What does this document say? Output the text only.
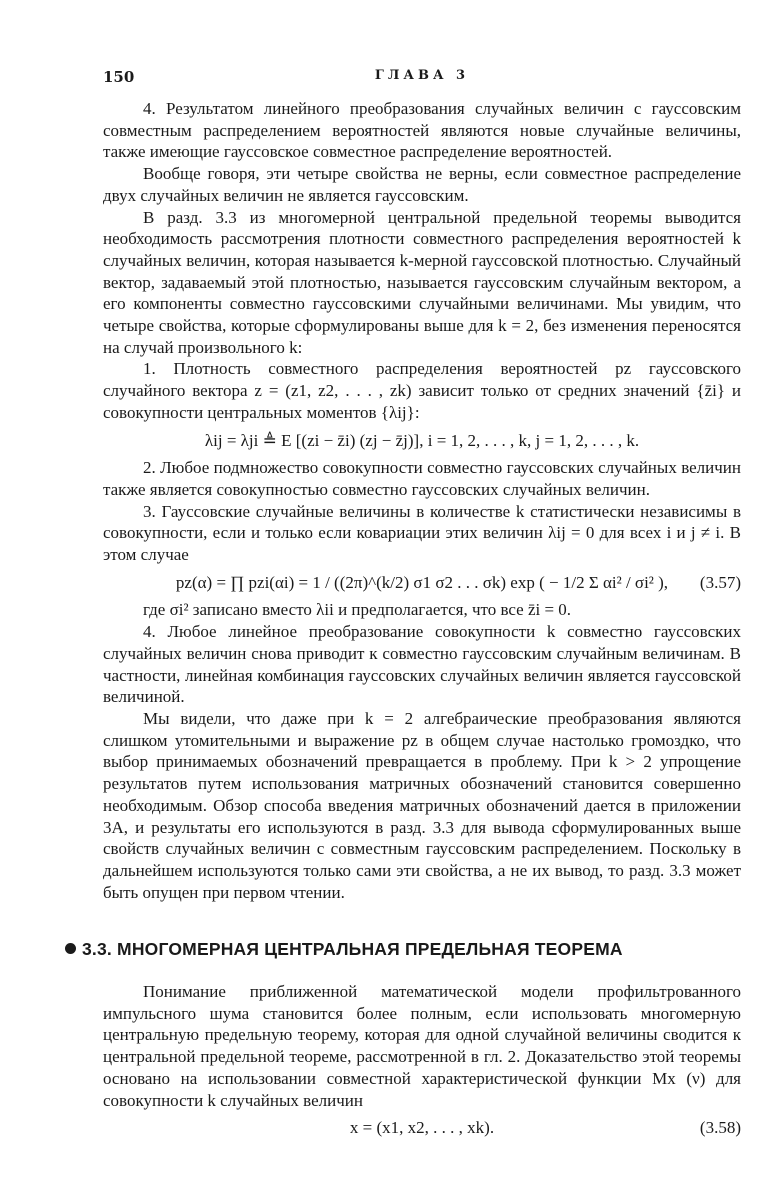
150	ГЛАВА 3

4. Результатом линейного преобразования случайных величин с гауссовским совместным распределением вероятностей являются новые случайные величины, также имеющие гауссовское совместное распределение вероятностей.

Вообще говоря, эти четыре свойства не верны, если совместное распределение двух случайных величин не является гауссовским.

В разд. 3.3 из многомерной центральной предельной теоремы выводится необходимость рассмотрения плотности совместного распределения вероятностей k случайных величин, которая называется k-мерной гауссовской плотностью. Случайный вектор, задаваемый этой плотностью, называется гауссовским случайным вектором, а его компоненты совместно гауссовскими случайными величинами. Мы увидим, что четыре свойства, которые сформулированы выше для k = 2, без изменения переносятся на случай произвольного k:

1. Плотность совместного распределения вероятностей pz гауссовского случайного вектора z = (z1, z2, . . . , zk) зависит только от средних значений {z̄i} и совокупности центральных моментов {λij}:

λij = λji ≜ E [(zi − z̄i) (zj − z̄j)], i = 1, 2, . . . , k, j = 1, 2, . . . , k.

2. Любое подмножество совокупности совместно гауссовских случайных величин также является совокупностью совместно гауссовских случайных величин.

3. Гауссовские случайные величины в количестве k статистически независимы в совокупности, если и только если ковариации этих величин λij = 0 для всех i и j ≠ i. В этом случае

pz(α) = ∏ pzi(αi) = 1 / ((2π)^(k/2) σ1 σ2 . . . σk) exp ( − 1/2 Σ αi² / σi² ), (3.57)

где σi² записано вместо λii и предполагается, что все z̄i = 0.

4. Любое линейное преобразование совокупности k совместно гауссовских случайных величин снова приводит к совместно гауссовским случайным величинам. В частности, линейная комбинация гауссовских случайных величин является гауссовской величиной.

Мы видели, что даже при k = 2 алгебраические преобразования являются слишком утомительными и выражение pz в общем случае настолько громоздко, что выбор принимаемых обозначений превращается в проблему. При k > 2 упрощение результатов путем использования матричных обозначений становится совершенно необходимым. Обзор способа введения матричных обозначений дается в приложении 3А, и результаты его используются в разд. 3.3 для вывода сформулированных выше свойств случайных величин с совместным гауссовским распределением. Поскольку в дальнейшем используются только сами эти свойства, а не их вывод, то разд. 3.3 может быть опущен при первом чтении.

3.3. МНОГОМЕРНАЯ ЦЕНТРАЛЬНАЯ ПРЕДЕЛЬНАЯ ТЕОРЕМА

Понимание приближенной математической модели профильтрованного импульсного шума становится более полным, если использовать многомерную центральную предельную теорему, которая для одной случайной величины сводится к центральной предельной теореме, рассмотренной в гл. 2. Доказательство этой теоремы основано на использовании совместной характеристической функции Mx (ν) для совокупности k случайных величин

x = (x1, x2, . . . , xk).	(3.58)
